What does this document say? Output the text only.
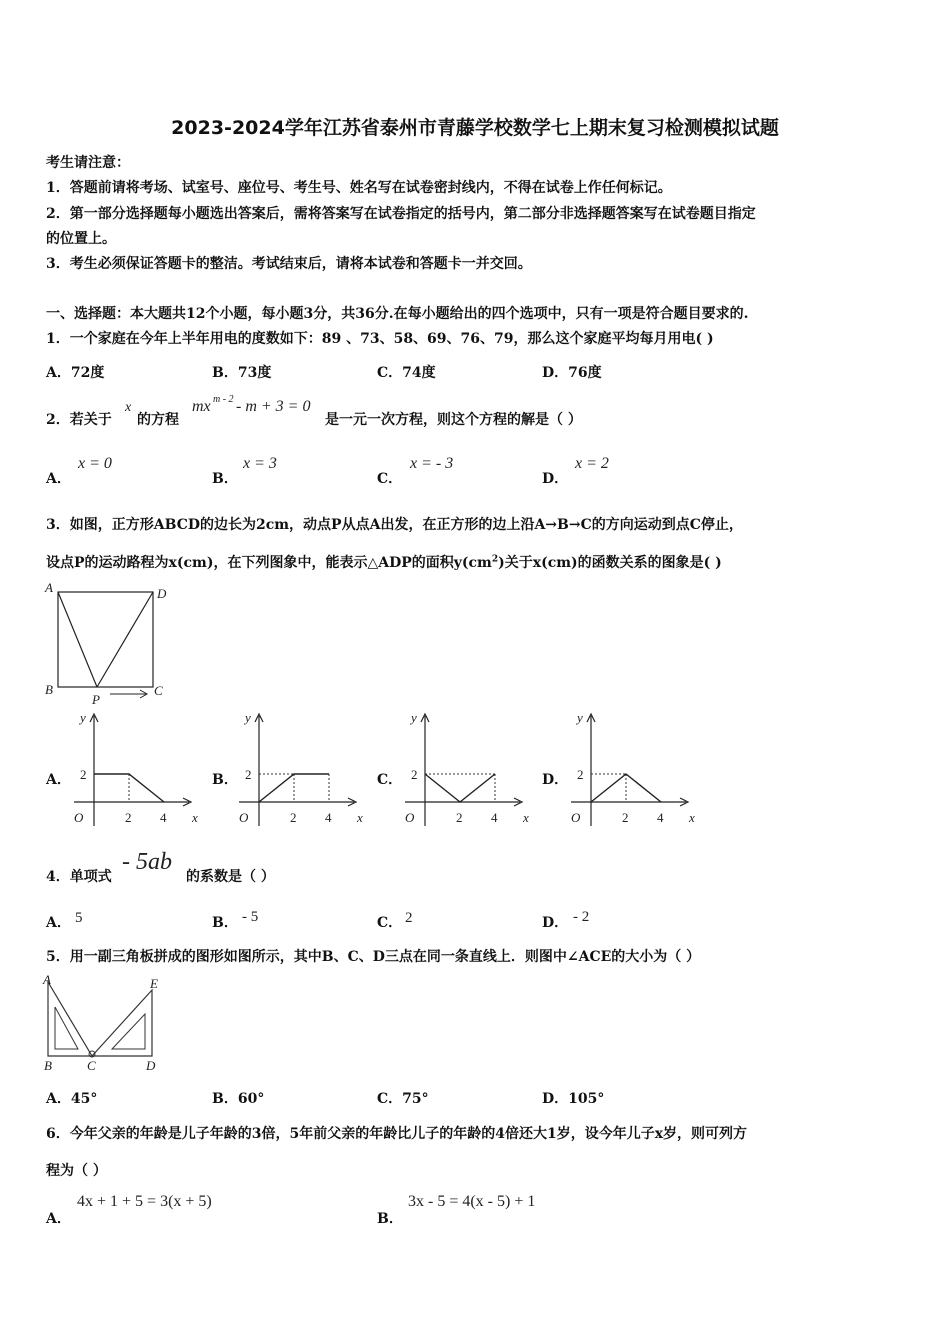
2023-2024学年江苏省泰州市青藤学校数学七上期末复习检测模拟试题
考生请注意：
1．答题前请将考场、试室号、座位号、考生号、姓名写在试卷密封线内，不得在试卷上作任何标记。
2．第一部分选择题每小题选出答案后，需将答案写在试卷指定的括号内，第二部分非选择题答案写在试卷题目指定
的位置上。
3．考生必须保证答题卡的整洁。考试结束后，请将本试卷和答题卡一并交回。
一、选择题：本大题共12个小题，每小题3分，共36分.在每小题给出的四个选项中，只有一项是符合题目要求的.
1．一个家庭在今年上半年用电的度数如下：89 、73、58、69、76、79，那么这个家庭平均每月用电( )
A．72度	B．73度	C．74度	D．76度
2．若关于
x
的方程
mx m - 2 - m + 3 = 0
是一元一次方程，则这个方程的解是（ ）
A．
x = 0
B．
x = 3
C．
x = - 3
D．
x = 2
3．如图，正方形ABCD的边长为2cm，动点P从点A出发，在正方形的边上沿A→B→C的方向运动到点C停止，
设点P的运动路程为x(cm)，在下列图象中，能表示△ADP的面积$y(cm^2)$关于x(cm)的函数关系的图象是( )
A	D
B	C
P
A．	B．	C．	D．
y
x
O
2
2 4
y
x
O
2
2 4
y
x
O
2
2 4
y
x
O
2
2 4
4．单项式
- 5ab
的系数是（ ）
A． 5	B． - 5	C． 2	D． - 2
5．用一副三角板拼成的图形如图所示，其中B、C、D三点在同一条直线上．则图中∠ACE的大小为（ ）
A	E
B	C	D
A．45°	B．60°	C．75°	D．105°
6．今年父亲的年龄是儿子年龄的3倍，5年前父亲的年龄比儿子的年龄的4倍还大1岁，设今年儿子x岁，则可列方
程为（ ）
A．
4x + 1 + 5 = 3(x + 5)
B．
3x - 5 = 4(x - 5) + 1
